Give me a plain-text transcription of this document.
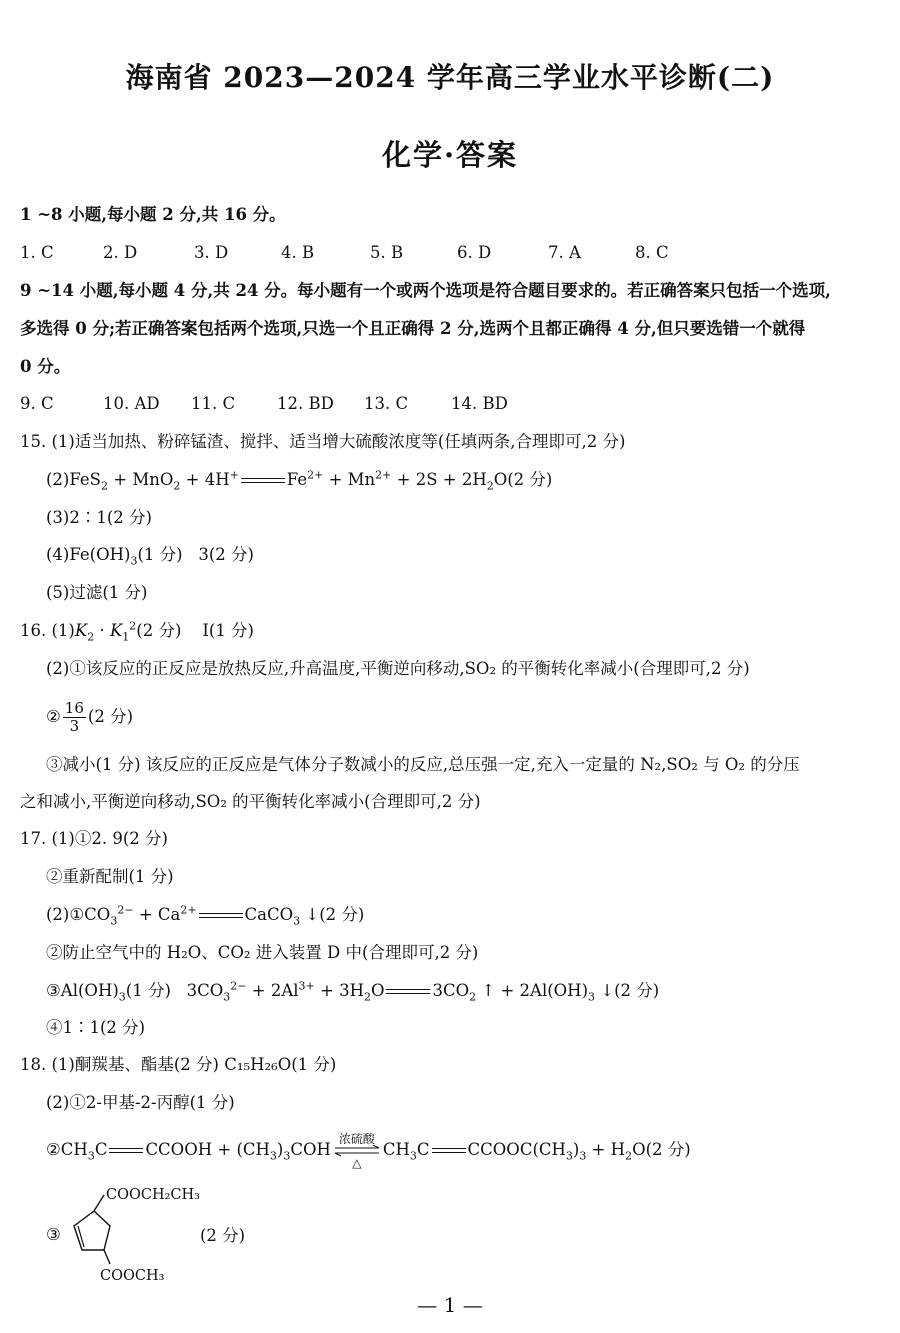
海南省 2023—2024 学年高三学业水平诊断(二)
化学·答案
1 ~8 小题,每小题 2 分,共 16 分。
1. C	2. D	3. D	4. B	5. B	6. D	7. A	8. C
9 ~14 小题,每小题 4 分,共 24 分。每小题有一个或两个选项是符合题目要求的。若正确答案只包括一个选项,
多选得 0 分;若正确答案包括两个选项,只选一个且正确得 2 分,选两个且都正确得 4 分,但只要选错一个就得
0 分。
9. C	10. AD 11. C	12. BD 13. C	14. BD
15. (1)适当加热、粉碎锰渣、搅拌、适当增大硫酸浓度等(任填两条,合理即可,2 分)
(2)FeS$_2$ + MnO$_2$ + 4H+	$Fe^{2+} + Mn^{2+} + 2S + 2H_2O(2$ 分)
(3)2∶1(2 分)
$(4)Fe(OH)_3(1$ 分)   3(2 分)
(5)过滤(1 分)
16. $(1)K_2 \cdot K_1^2(2$ 分)    Ⅰ(1 分)
(2)①该反应的正反应是放热反应,升高温度,平衡逆向移动,SO₂ 的平衡转化率减小(合理即可,2 分)
② $\frac{16}{3} (2$ 分)
③减小(1 分) 该反应的正反应是气体分子数减小的反应,总压强一定,充入一定量的 N₂,SO₂ 与 O₂ 的分压
之和减小,平衡逆向移动,SO₂ 的平衡转化率减小(合理即可,2 分)
17. (1)①2. 9(2 分)
②重新配制(1 分)
$(2)①CO_3^{2-} + Ca^{2+}$	CaCO$_3$ ↓(2 分)
②防止空气中的 H₂O、CO₂ 进入装置 D 中(合理即可,2 分)
$③Al(OH)_3(1$ 分)   $3CO_3^{2-} + 2Al^{3+} + 3H_2O$	$3CO_2$ ↑ + $2Al(OH)_3$ ↓(2 分)
④1∶1(2 分)
18. (1)酮羰基、酯基(2 分) C₁₅H₂₆O(1 分)
(2)①2-甲基-2-丙醇(1 分)
$②CH_3C$ CCOOH + $(CH_3)_3COH$
浓硫酸
△
$CH_3C$ $CCOOC(CH_3)_3 + H_2O(2$ 分)
③
COOCH₂CH₃
COOCH₃
(2 分)
— 1 —
